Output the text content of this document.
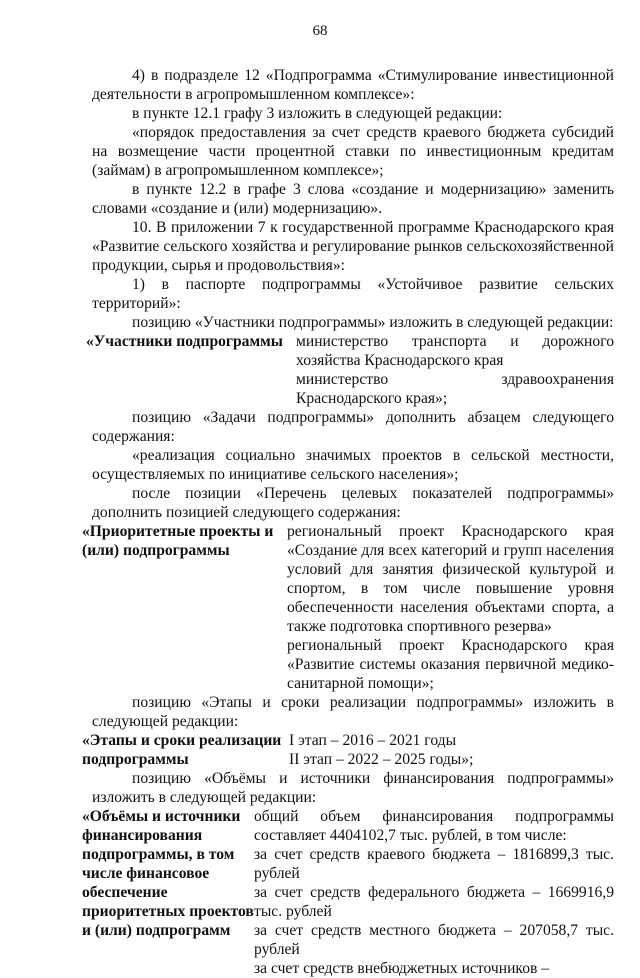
68

4) в подразделе 12 «Подпрограмма «Стимулирование инвестиционной деятельности в агропромышленном комплексе»:

в пункте 12.1 графу 3 изложить в следующей редакции:

«порядок предоставления за счет средств краевого бюджета субсидий на возмещение части процентной ставки по инвестиционным кредитам (займам) в агропромышленном комплексе»;

в пункте 12.2 в графе 3 слова «создание и модернизацию» заменить словами «создание и (или) модернизацию».

10. В приложении 7 к государственной программе Краснодарского края «Развитие сельского хозяйства и регулирование рынков сельскохозяйственной продукции, сырья и продовольствия»:

1) в паспорте подпрограммы «Устойчивое развитие сельских территорий»:

позицию «Участники подпрограммы» изложить в следующей редакции:

«Участники подпрограммы министерство транспорта и дорожного хозяйства Краснодарского края

министерство здравоохранения Краснодарского края»;

позицию «Задачи подпрограммы» дополнить абзацем следующего содержания:

«реализация социально значимых проектов в сельской местности, осуществляемых по инициативе сельского населения»;

после позиции «Перечень целевых показателей подпрограммы» дополнить позицией следующего содержания:

«Приоритетные проекты и (или) подпрограммы

региональный проект Краснодарского края «Создание для всех категорий и групп населения условий для занятия физической культурой и спортом, в том числе повышение уровня обеспеченности населения объектами спорта, а также подготовка спортивного резерва»

региональный проект Краснодарского края «Развитие системы оказания первичной медико-санитарной помощи»;

позицию «Этапы и сроки реализации подпрограммы» изложить в следующей редакции:

«Этапы и сроки реализации подпрограммы

I этап – 2016 – 2021 годы

II этап – 2022 – 2025 годы»;

позицию «Объёмы и источники финансирования подпрограммы» изложить в следующей редакции:

«Объёмы и источники финансирования подпрограммы, в том числе финансовое обеспечение приоритетных проектов и (или) подпрограмм

общий объем финансирования подпрограммы составляет 4404102,7 тыс. рублей, в том числе:

за счет средств краевого бюджета – 1816899,3 тыс. рублей

за счет средств федерального бюджета – 1669916,9 тыс. рублей

за счет средств местного бюджета – 207058,7 тыс. рублей

за счет средств внебюджетных источников –
